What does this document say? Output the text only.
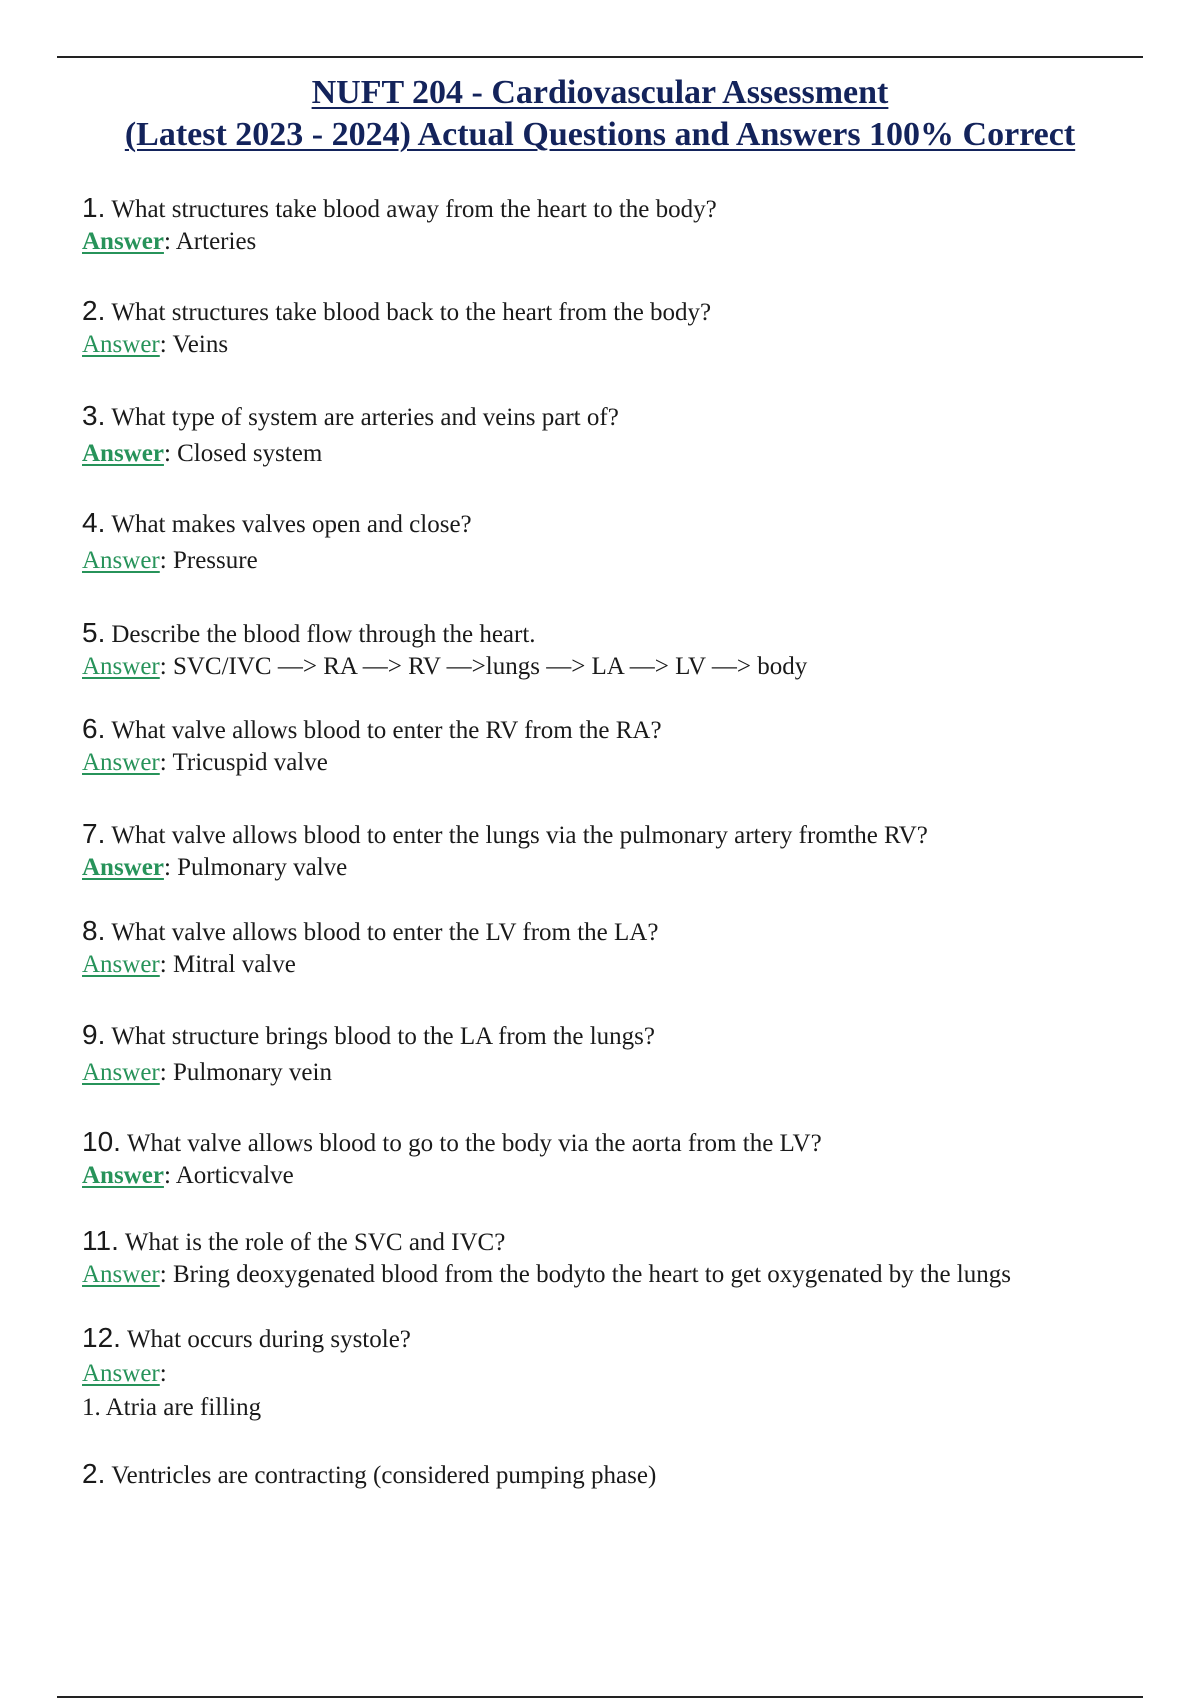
NUFT 204 - Cardiovascular Assessment
(Latest 2023 - 2024) Actual Questions and Answers 100% Correct
1. What structures take blood away from the heart to the body?
Answer: Arteries
2. What structures take blood back to the heart from the body?
Answer: Veins
3. What type of system are arteries and veins part of?
Answer: Closed system
4. What makes valves open and close?
Answer: Pressure
5. Describe the blood flow through the heart.
Answer: SVC/IVC —> RA —> RV —>lungs —> LA —> LV —> body
6. What valve allows blood to enter the RV from the RA?
Answer: Tricuspid valve
7. What valve allows blood to enter the lungs via the pulmonary artery fromthe RV?
Answer: Pulmonary valve
8. What valve allows blood to enter the LV from the LA?
Answer: Mitral valve
9. What structure brings blood to the LA from the lungs?
Answer: Pulmonary vein
10. What valve allows blood to go to the body via the aorta from the LV?
Answer: Aorticvalve
11. What is the role of the SVC and IVC?
Answer: Bring deoxygenated blood from the bodyto the heart to get oxygenated by the lungs
12. What occurs during systole?
Answer:
1. Atria are filling
2. Ventricles are contracting (considered pumping phase)
